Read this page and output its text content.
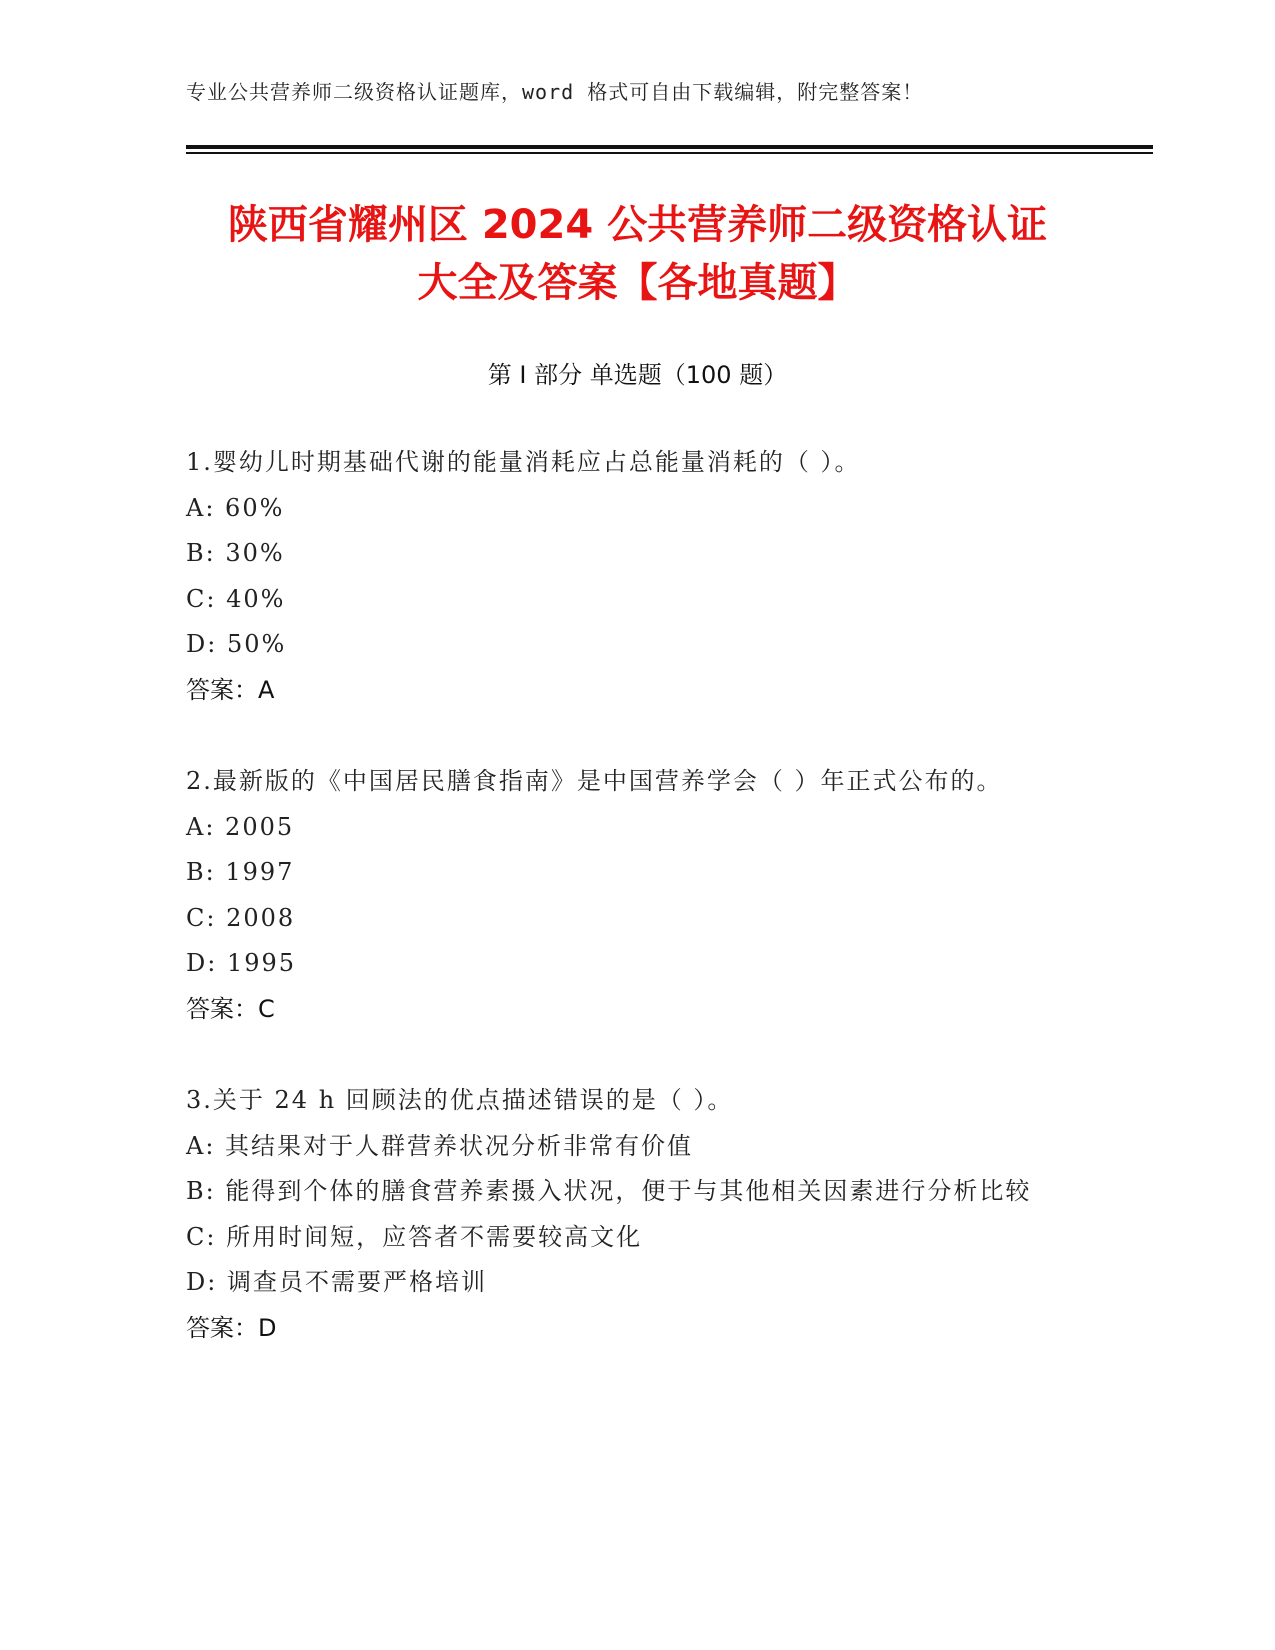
专业公共营养师二级资格认证题库，word 格式可自由下载编辑，附完整答案！
陕西省耀州区 2024 公共营养师二级资格认证
大全及答案【各地真题】
第 I 部分 单选题（100 题）

1.婴幼儿时期基础代谢的能量消耗应占总能量消耗的（ ）。

A: 60%

B: 30%

C: 40%

D: 50%

答案：A

2.最新版的《中国居民膳食指南》是中国营养学会（ ）年正式公布的。

A: 2005

B: 1997

C: 2008

D: 1995

答案：C

3.关于 24 h 回顾法的优点描述错误的是（ ）。

A: 其结果对于人群营养状况分析非常有价值

B: 能得到个体的膳食营养素摄入状况，便于与其他相关因素进行分析比较

C: 所用时间短，应答者不需要较高文化

D: 调查员不需要严格培训

答案：D
